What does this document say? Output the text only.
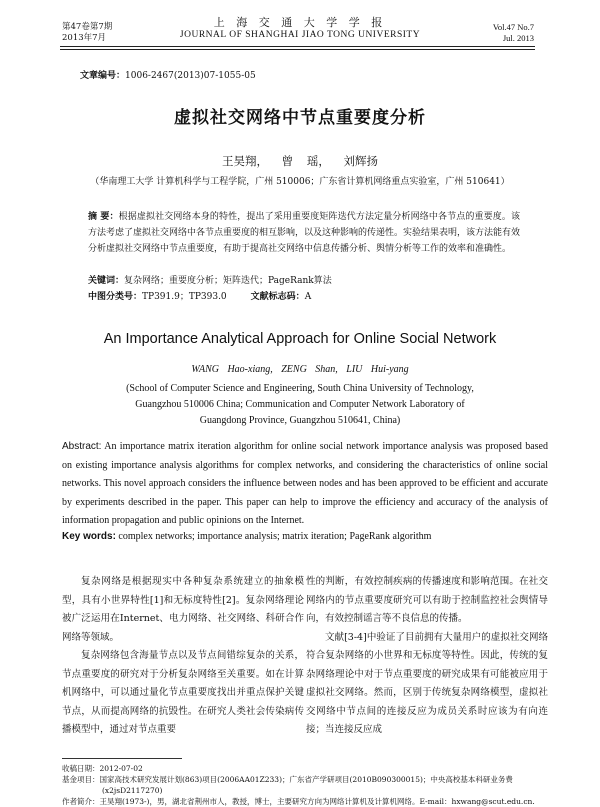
第47卷第7期
2013年7月
上 海 交 通 大 学 学 报
JOURNAL OF SHANGHAI JIAO TONG UNIVERSITY
Vol.47 No.7
Jul. 2013
文章编号：1006-2467(2013)07-1055-05
虚拟社交网络中节点重要度分析
王昊翔， 曾 瑶， 刘辉扬
（华南理工大学 计算机科学与工程学院，广州 510006；广东省计算机网络重点实验室，广州 510641）
摘 要：根据虚拟社交网络本身的特性，提出了采用重要度矩阵迭代方法定量分析网络中各节点的重要度。该方法考虑了虚拟社交网络中各节点重要度的相互影响，以及这种影响的传递性。实验结果表明，该方法能有效分析虚拟社交网络中节点重要度，有助于提高社交网络中信息传播分析、舆情分析等工作的效率和准确性。
关键词：复杂网络；重要度分析；矩阵迭代；PageRank算法
中图分类号：TP391.9；TP393.0	文献标志码：A
An Importance Analytical Approach for Online Social Network
WANG Hao-xiang, ZENG Shan, LIU Hui-yang
(School of Computer Science and Engineering, South China University of Technology,
Guangzhou 510006 China; Communication and Computer Network Laboratory of
Guangdong Province, Guangzhou 510641, China)
Abstract: An importance matrix iteration algorithm for online social network importance analysis was proposed based on existing importance analysis algorithms for complex networks, and considering the characteristics of online social networks. This novel approach considers the influence between nodes and has been approved to be efficient and accurate by experiments described in the paper. This paper can help to improve the efficiency and accuracy of the analysis of information propagation and public opinions on the Internet.
Key words: complex networks; importance analysis; matrix iteration; PageRank algorithm

复杂网络是根据现实中各种复杂系统建立的抽象模型，具有小世界特性[1]和无标度特性[2]。复杂网络理论被广泛运用在Internet、电力网络、社交网络、科研合作网络等领域。

复杂网络包含海量节点以及节点间错综复杂的关系，节点重要度的研究对于分析复杂网络至关重要。如在计算机网络中，可以通过量化节点重要度找出并重点保护关键节点，从而提高网络的抗毁性。在研究人类社会传染病传播模型中，通过对节点重要

性的判断，有效控制疾病的传播速度和影响范围。在社交网络内的节点重要度研究可以有助于控制监控社会舆情导向，有效控制谣言等不良信息的传播。

文献[3-4]中验证了目前拥有大量用户的虚拟社交网络符合复杂网络的小世界和无标度等特性。因此，传统的复杂网络理论中对于节点重要度的研究成果有可能被应用于虚拟社交网络。然而，区别于传统复杂网络模型，虚拟社交网络中节点间的连接反应为成员关系时应该为有向连接；当连接反应成

收稿日期：2012-07-02
基金项目：国家高技术研究发展计划(863)项目(2006AA01Z233)；广东省产学研项目(2010B090300015)；中央高校基本科研业务费
(x2jsD2117270)
作者简介：王昊翔(1973-)，男，湖北省荆州市人，教授，博士，主要研究方向为网络计算机及计算机网络。E-mail：hxwang@scut.edu.cn.
